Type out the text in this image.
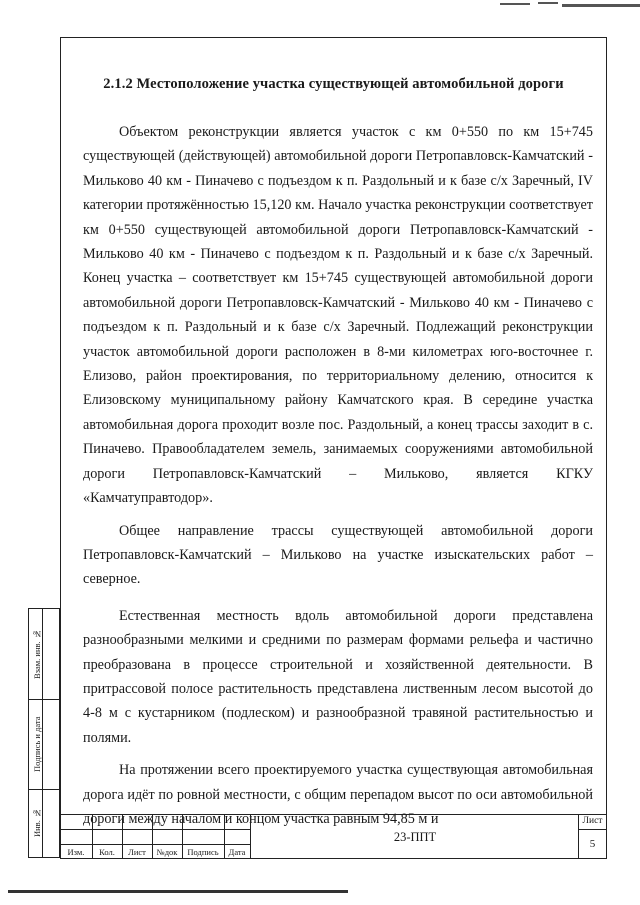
2.1.2 Местоположение участка существующей автомобильной дороги

Объектом реконструкции является участок с км 0+550 по км 15+745 существующей (действующей) автомобильной дороги Петропавловск-Камчатский - Мильково 40 км - Пиначево с подъездом к п. Раздольный и к базе с/х Заречный, IV категории протяжённостью 15,120 км. Начало участка реконструкции соответствует км 0+550 существующей автомобильной дороги Петропавловск-Камчатский - Мильково 40 км - Пиначево с подъездом к п. Раздольный и к базе с/х Заречный. Конец участка – соответствует км 15+745 существующей автомобильной дороги автомобильной дороги Петропавловск-Камчатский - Мильково 40 км - Пиначево с подъездом к п. Раздольный и к базе с/х Заречный. Подлежащий реконструкции участок автомобильной дороги расположен в 8-ми километрах юго-восточнее г. Елизово, район проектирования, по территориальному делению, относится к Елизовскому муниципальному району Камчатского края. В середине участка автомобильная дорога проходит возле пос. Раздольный, а конец трассы заходит в с. Пиначево. Правообладателем земель, занимаемых сооружениями автомобильной дороги Петропавловск-Камчатский – Мильково, является КГКУ «Камчатуправтодор».

Общее направление трассы существующей автомобильной дороги Петропавловск-Камчатский – Мильково на участке изыскательских работ – северное.

Естественная местность вдоль автомобильной дороги представлена разнообразными мелкими и средними по размерам формами рельефа и частично преобразована в процессе строительной и хозяйственной деятельности. В притрассовой полосе растительность представлена лиственным лесом высотой до 4-8 м с кустарником (подлеском) и разнообразной травяной растительностью и полями.

На протяжении всего проектируемого участка существующая автомобильная дорога идёт по ровной местности, с общим перепадом высот по оси автомобильной дороги между началом и концом участка равным 94,85 м и

Взам. инв. №
Подпись и дата
Инв. №
Изм.	Кол.	Лист	№док	Подпись	Дата
23-ППТ
Лист
5
